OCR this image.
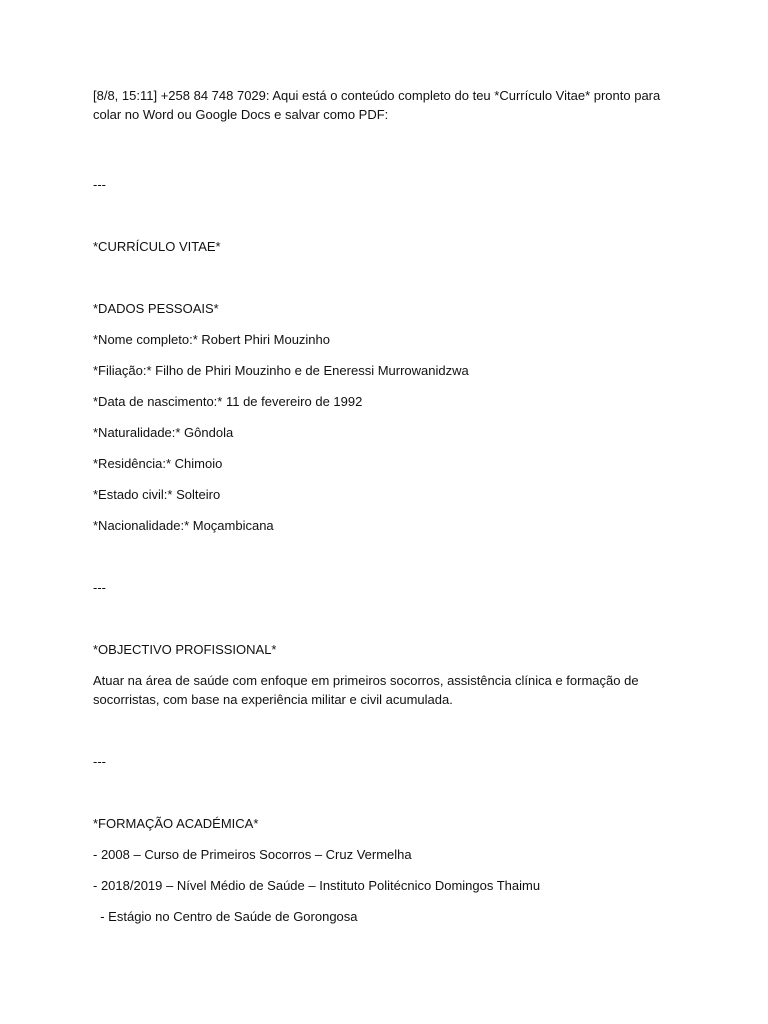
[8/8, 15:11] +258 84 748 7029: Aqui está o conteúdo completo do teu *Currículo Vitae* pronto para colar no Word ou Google Docs e salvar como PDF:

---

*CURRÍCULO VITAE*

*DADOS PESSOAIS*

*Nome completo:* Robert Phiri Mouzinho

*Filiação:* Filho de Phiri Mouzinho e de Eneressi Murrowanidzwa

*Data de nascimento:* 11 de fevereiro de 1992

*Naturalidade:* Gôndola

*Residência:* Chimoio

*Estado civil:* Solteiro

*Nacionalidade:* Moçambicana

---

*OBJECTIVO PROFISSIONAL*

Atuar na área de saúde com enfoque em primeiros socorros, assistência clínica e formação de socorristas, com base na experiência militar e civil acumulada.

---

*FORMAÇÃO ACADÉMICA*

- 2008 – Curso de Primeiros Socorros – Cruz Vermelha

- 2018/2019 – Nível Médio de Saúde – Instituto Politécnico Domingos Thaimu

- Estágio no Centro de Saúde de Gorongosa
